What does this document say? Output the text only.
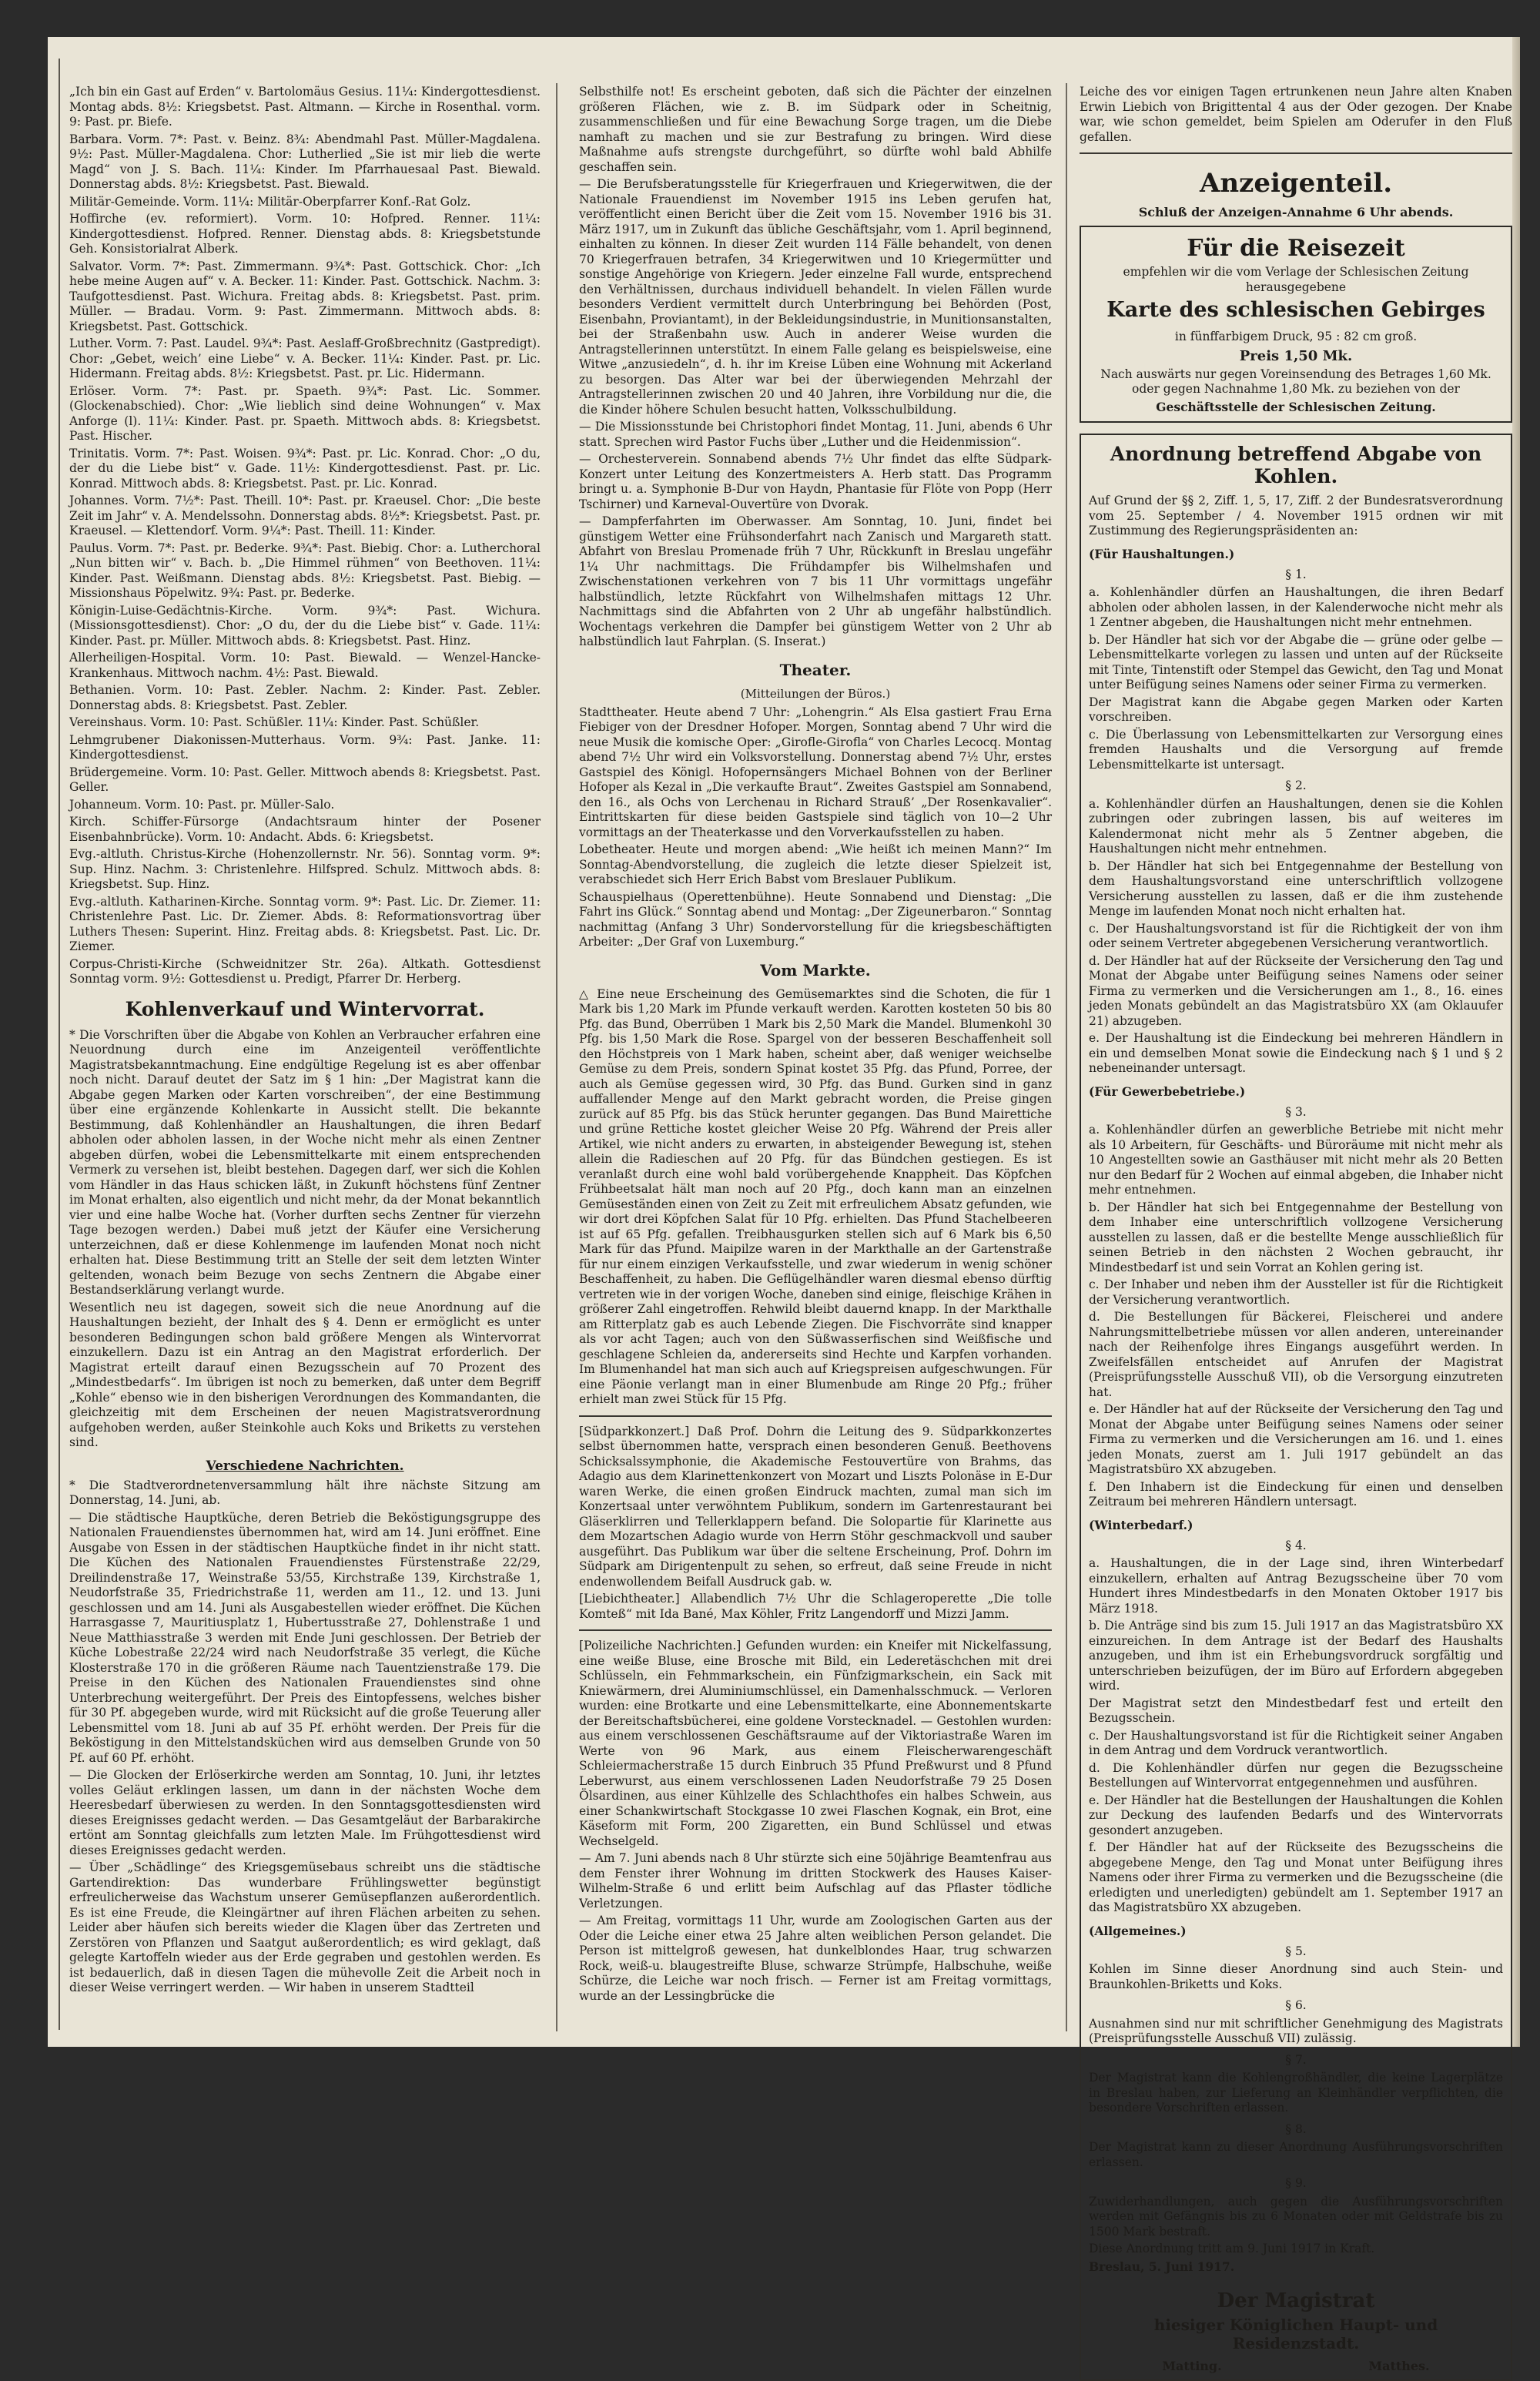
„Ich bin ein Gast auf Erden“ v. Bartolomäus Gesius. 11¼: Kindergottesdienst. Montag abds. 8½: Kriegsbetst. Past. Altmann. — Kirche in Rosenthal. vorm. 9: Past. pr. Biefe.

Barbara. Vorm. 7*: Past. v. Beinz. 8¾: Abendmahl Past. Müller-Magdalena. 9½: Past. Müller-Magdalena. Chor: Lutherlied „Sie ist mir lieb die werte Magd“ von J. S. Bach. 11¼: Kinder. Im Pfarrhauesaal Past. Biewald. Donnerstag abds. 8½: Kriegsbetst. Past. Biewald.

Militär-Gemeinde. Vorm. 11¼: Militär-Oberpfarrer Konf.-Rat Golz.

Hoffirche (ev. reformiert). Vorm. 10: Hofpred. Renner. 11¼: Kindergottesdienst. Hofpred. Renner. Dienstag abds. 8: Kriegsbetstunde Geh. Konsistorialrat Alberk.

Salvator. Vorm. 7*: Past. Zimmermann. 9¾*: Past. Gottschick. Chor: „Ich hebe meine Augen auf“ v. A. Becker. 11: Kinder. Past. Gottschick. Nachm. 3: Taufgottesdienst. Past. Wichura. Freitag abds. 8: Kriegsbetst. Past. prim. Müller. — Bradau. Vorm. 9: Past. Zimmermann. Mittwoch abds. 8: Kriegsbetst. Past. Gottschick.

Luther. Vorm. 7: Past. Laudel. 9¾*: Past. Aeslaff-Großbrechnitz (Gastpredigt). Chor: „Gebet, weich’ eine Liebe“ v. A. Becker. 11¼: Kinder. Past. pr. Lic. Hidermann. Freitag abds. 8½: Kriegsbetst. Past. pr. Lic. Hidermann.

Erlöser. Vorm. 7*: Past. pr. Spaeth. 9¾*: Past. Lic. Sommer. (Glockenabschied). Chor: „Wie lieblich sind deine Wohnungen“ v. Max Anforge (l). 11¼: Kinder. Past. pr. Spaeth. Mittwoch abds. 8: Kriegsbetst. Past. Hischer.

Trinitatis. Vorm. 7*: Past. Woisen. 9¾*: Past. pr. Lic. Konrad. Chor: „O du, der du die Liebe bist“ v. Gade. 11½: Kindergottesdienst. Past. pr. Lic. Konrad. Mittwoch abds. 8: Kriegsbetst. Past. pr. Lic. Konrad.

Johannes. Vorm. 7½*: Past. Theill. 10*: Past. pr. Kraeusel. Chor: „Die beste Zeit im Jahr“ v. A. Mendelssohn. Donnerstag abds. 8½*: Kriegsbetst. Past. pr. Kraeusel. — Klettendorf. Vorm. 9¼*: Past. Theill. 11: Kinder.

Paulus. Vorm. 7*: Past. pr. Bederke. 9¾*: Past. Biebig. Chor: a. Lutherchoral „Nun bitten wir“ v. Bach. b. „Die Himmel rühmen“ von Beethoven. 11¼: Kinder. Past. Weißmann. Dienstag abds. 8½: Kriegsbetst. Past. Biebig. — Missionshaus Pöpelwitz. 9¾: Past. pr. Bederke.

Königin-Luise-Gedächtnis-Kirche. Vorm. 9¾*: Past. Wichura. (Missionsgottesdienst). Chor: „O du, der du die Liebe bist“ v. Gade. 11¼: Kinder. Past. pr. Müller. Mittwoch abds. 8: Kriegsbetst. Past. Hinz.

Allerheiligen-Hospital. Vorm. 10: Past. Biewald. — Wenzel-Hancke-Krankenhaus. Mittwoch nachm. 4½: Past. Biewald.

Bethanien. Vorm. 10: Past. Zebler. Nachm. 2: Kinder. Past. Zebler. Donnerstag abds. 8: Kriegsbetst. Past. Zebler.

Vereinshaus. Vorm. 10: Past. Schüßler. 11¼: Kinder. Past. Schüßler.

Lehmgrubener Diakonissen-Mutterhaus. Vorm. 9¾: Past. Janke. 11: Kindergottesdienst.

Brüdergemeine. Vorm. 10: Past. Geller. Mittwoch abends 8: Kriegsbetst. Past. Geller.

Johanneum. Vorm. 10: Past. pr. Müller-Salo.

Kirch. Schiffer-Fürsorge (Andachtsraum hinter der Posener Eisenbahnbrücke). Vorm. 10: Andacht. Abds. 6: Kriegsbetst.

Evg.-altluth. Christus-Kirche (Hohenzollernstr. Nr. 56). Sonntag vorm. 9*: Sup. Hinz. Nachm. 3: Christenlehre. Hilfspred. Schulz. Mittwoch abds. 8: Kriegsbetst. Sup. Hinz.

Evg.-altluth. Katharinen-Kirche. Sonntag vorm. 9*: Past. Lic. Dr. Ziemer. 11: Christenlehre Past. Lic. Dr. Ziemer. Abds. 8: Reformationsvortrag über Luthers Thesen: Superint. Hinz. Freitag abds. 8: Kriegsbetst. Past. Lic. Dr. Ziemer.

Corpus-Christi-Kirche (Schweidnitzer Str. 26a). Altkath. Gottesdienst Sonntag vorm. 9½: Gottesdienst u. Predigt, Pfarrer Dr. Herberg.

Kohlenverkauf und Wintervorrat.

* Die Vorschriften über die Abgabe von Kohlen an Verbraucher erfahren eine Neuordnung durch eine im Anzeigenteil veröffentlichte Magistratsbekanntmachung. Eine endgültige Regelung ist es aber offenbar noch nicht. Darauf deutet der Satz im § 1 hin: „Der Magistrat kann die Abgabe gegen Marken oder Karten vorschreiben“, der eine Bestimmung über eine ergänzende Kohlenkarte in Aussicht stellt. Die bekannte Bestimmung, daß Kohlenhändler an Haushaltungen, die ihren Bedarf abholen oder abholen lassen, in der Woche nicht mehr als einen Zentner abgeben dürfen, wobei die Lebensmittelkarte mit einem entsprechenden Vermerk zu versehen ist, bleibt bestehen. Dagegen darf, wer sich die Kohlen vom Händler in das Haus schicken läßt, in Zukunft höchstens fünf Zentner im Monat erhalten, also eigentlich und nicht mehr, da der Monat bekanntlich vier und eine halbe Woche hat. (Vorher durften sechs Zentner für vierzehn Tage bezogen werden.) Dabei muß jetzt der Käufer eine Versicherung unterzeichnen, daß er diese Kohlenmenge im laufenden Monat noch nicht erhalten hat. Diese Bestimmung tritt an Stelle der seit dem letzten Winter geltenden, wonach beim Bezuge von sechs Zentnern die Abgabe einer Bestandserklärung verlangt wurde.

Wesentlich neu ist dagegen, soweit sich die neue Anordnung auf die Haushaltungen bezieht, der Inhalt des § 4. Denn er ermöglicht es unter besonderen Bedingungen schon bald größere Mengen als Wintervorrat einzukellern. Dazu ist ein Antrag an den Magistrat erforderlich. Der Magistrat erteilt darauf einen Bezugsschein auf 70 Prozent des „Mindestbedarfs“. Im übrigen ist noch zu bemerken, daß unter dem Begriff „Kohle“ ebenso wie in den bisherigen Verordnungen des Kommandanten, die gleichzeitig mit dem Erscheinen der neuen Magistratsverordnung aufgehoben werden, außer Steinkohle auch Koks und Briketts zu verstehen sind.

Verschiedene Nachrichten.

* Die Stadtverordnetenversammlung hält ihre nächste Sitzung am Donnerstag, 14. Juni, ab.

— Die städtische Hauptküche, deren Betrieb die Beköstigungsgruppe des Nationalen Frauendienstes übernommen hat, wird am 14. Juni eröffnet. Eine Ausgabe von Essen in der städtischen Hauptküche findet in ihr nicht statt. Die Küchen des Nationalen Frauendienstes Fürstenstraße 22/29, Dreilindenstraße 17, Weinstraße 53/55, Kirchstraße 139, Kirchstraße 1, Neudorfstraße 35, Friedrichstraße 11, werden am 11., 12. und 13. Juni geschlossen und am 14. Juni als Ausgabestellen wieder eröffnet. Die Küchen Harrasgasse 7, Mauritiusplatz 1, Hubertusstraße 27, Dohlenstraße 1 und Neue Matthiasstraße 3 werden mit Ende Juni geschlossen. Der Betrieb der Küche Lobestraße 22/24 wird nach Neudorfstraße 35 verlegt, die Küche Klosterstraße 170 in die größeren Räume nach Tauentzienstraße 179. Die Preise in den Küchen des Nationalen Frauendienstes sind ohne Unterbrechung weitergeführt. Der Preis des Eintopfessens, welches bisher für 30 Pf. abgegeben wurde, wird mit Rücksicht auf die große Teuerung aller Lebensmittel vom 18. Juni ab auf 35 Pf. erhöht werden. Der Preis für die Beköstigung in den Mittelstandsküchen wird aus demselben Grunde von 50 Pf. auf 60 Pf. erhöht.

— Die Glocken der Erlöserkirche werden am Sonntag, 10. Juni, ihr letztes volles Geläut erklingen lassen, um dann in der nächsten Woche dem Heeresbedarf überwiesen zu werden. In den Sonntagsgottesdiensten wird dieses Ereignisses gedacht werden. — Das Gesamtgeläut der Barbarakirche ertönt am Sonntag gleichfalls zum letzten Male. Im Frühgottesdienst wird dieses Ereignisses gedacht werden.

— Über „Schädlinge“ des Kriegsgemüsebaus schreibt uns die städtische Gartendirektion: Das wunderbare Frühlingswetter begünstigt erfreulicherweise das Wachstum unserer Gemüsepflanzen außerordentlich. Es ist eine Freude, die Kleingärtner auf ihren Flächen arbeiten zu sehen. Leider aber häufen sich bereits wieder die Klagen über das Zertreten und Zerstören von Pflanzen und Saatgut außerordentlich; es wird geklagt, daß gelegte Kartoffeln wieder aus der Erde gegraben und gestohlen werden. Es ist bedauerlich, daß in diesen Tagen die mühevolle Zeit die Arbeit noch in dieser Weise verringert werden. — Wir haben in unserem Stadtteil

Selbsthilfe not! Es erscheint geboten, daß sich die Pächter der einzelnen größeren Flächen, wie z. B. im Südpark oder in Scheitnig, zusammenschließen und für eine Bewachung Sorge tragen, um die Diebe namhaft zu machen und sie zur Bestrafung zu bringen. Wird diese Maßnahme aufs strengste durchgeführt, so dürfte wohl bald Abhilfe geschaffen sein.

— Die Berufsberatungsstelle für Kriegerfrauen und Kriegerwitwen, die der Nationale Frauendienst im November 1915 ins Leben gerufen hat, veröffentlicht einen Bericht über die Zeit vom 15. November 1916 bis 31. März 1917, um in Zukunft das übliche Geschäftsjahr, vom 1. April beginnend, einhalten zu können. In dieser Zeit wurden 114 Fälle behandelt, von denen 70 Kriegerfrauen betrafen, 34 Kriegerwitwen und 10 Kriegermütter und sonstige Angehörige von Kriegern. Jeder einzelne Fall wurde, entsprechend den Verhältnissen, durchaus individuell behandelt. In vielen Fällen wurde besonders Verdient vermittelt durch Unterbringung bei Behörden (Post, Eisenbahn, Proviantamt), in der Bekleidungsindustrie, in Munitionsanstalten, bei der Straßenbahn usw. Auch in anderer Weise wurden die Antragstellerinnen unterstützt. In einem Falle gelang es beispielsweise, eine Witwe „anzusiedeln“, d. h. ihr im Kreise Lüben eine Wohnung mit Ackerland zu besorgen. Das Alter war bei der überwiegenden Mehrzahl der Antragstellerinnen zwischen 20 und 40 Jahren, ihre Vorbildung nur die, die die Kinder höhere Schulen besucht hatten, Volksschulbildung.

— Die Missionsstunde bei Christophori findet Montag, 11. Juni, abends 6 Uhr statt. Sprechen wird Pastor Fuchs über „Luther und die Heidenmission“.

— Orchesterverein. Sonnabend abends 7½ Uhr findet das elfte Südpark-Konzert unter Leitung des Konzertmeisters A. Herb statt. Das Programm bringt u. a. Symphonie B-Dur von Haydn, Phantasie für Flöte von Popp (Herr Tschirner) und Karneval-Ouvertüre von Dvorak.

— Dampferfahrten im Oberwasser. Am Sonntag, 10. Juni, findet bei günstigem Wetter eine Frühsonderfahrt nach Zanisch und Margareth statt. Abfahrt von Breslau Promenade früh 7 Uhr, Rückkunft in Breslau ungefähr 1¼ Uhr nachmittags. Die Frühdampfer bis Wilhelmshafen und Zwischenstationen verkehren von 7 bis 11 Uhr vormittags ungefähr halbstündlich, letzte Rückfahrt von Wilhelmshafen mittags 12 Uhr. Nachmittags sind die Abfahrten von 2 Uhr ab ungefähr halbstündlich. Wochentags verkehren die Dampfer bei günstigem Wetter von 2 Uhr ab halbstündlich laut Fahrplan. (S. Inserat.)

Theater.
(Mitteilungen der Büros.)

Stadttheater. Heute abend 7 Uhr: „Lohengrin.“ Als Elsa gastiert Frau Erna Fiebiger von der Dresdner Hofoper. Morgen, Sonntag abend 7 Uhr wird die neue Musik die komische Oper: „Girofle-Girofla“ von Charles Lecocq. Montag abend 7½ Uhr wird ein Volksvorstellung. Donnerstag abend 7½ Uhr, erstes Gastspiel des Königl. Hofopernsängers Michael Bohnen von der Berliner Hofoper als Kezal in „Die verkaufte Braut“. Zweites Gastspiel am Sonnabend, den 16., als Ochs von Lerchenau in Richard Strauß’ „Der Rosenkavalier“. Eintrittskarten für diese beiden Gastspiele sind täglich von 10—2 Uhr vormittags an der Theaterkasse und den Vorverkaufsstellen zu haben.

Lobetheater. Heute und morgen abend: „Wie heißt ich meinen Mann?“ Im Sonntag-Abendvorstellung, die zugleich die letzte dieser Spielzeit ist, verabschiedet sich Herr Erich Babst vom Breslauer Publikum.

Schauspielhaus (Operettenbühne). Heute Sonnabend und Dienstag: „Die Fahrt ins Glück.“ Sonntag abend und Montag: „Der Zigeunerbaron.“ Sonntag nachmittag (Anfang 3 Uhr) Sondervorstellung für die kriegsbeschäftigten Arbeiter: „Der Graf von Luxemburg.“

Vom Markte.

△ Eine neue Erscheinung des Gemüsemarktes sind die Schoten, die für 1 Mark bis 1,20 Mark im Pfunde verkauft werden. Karotten kosteten 50 bis 80 Pfg. das Bund, Oberrüben 1 Mark bis 2,50 Mark die Mandel. Blumenkohl 30 Pfg. bis 1,50 Mark die Rose. Spargel von der besseren Beschaffenheit soll den Höchstpreis von 1 Mark haben, scheint aber, daß weniger weichselbe Gemüse zu dem Preis, sondern Spinat kostet 35 Pfg. das Pfund, Porree, der auch als Gemüse gegessen wird, 30 Pfg. das Bund. Gurken sind in ganz auffallender Menge auf den Markt gebracht worden, die Preise gingen zurück auf 85 Pfg. bis das Stück herunter gegangen. Das Bund Mairettiche und grüne Rettiche kostet gleicher Weise 20 Pfg. Während der Preis aller Artikel, wie nicht anders zu erwarten, in absteigender Bewegung ist, stehen allein die Radieschen auf 20 Pfg. für das Bündchen gestiegen. Es ist veranlaßt durch eine wohl bald vorübergehende Knappheit. Das Köpfchen Frühbeetsalat hält man noch auf 20 Pfg., doch kann man an einzelnen Gemüseständen einen von Zeit zu Zeit mit erfreulichem Absatz gefunden, wie wir dort drei Köpfchen Salat für 10 Pfg. erhielten. Das Pfund Stachelbeeren ist auf 65 Pfg. gefallen. Treibhausgurken stellen sich auf 6 Mark bis 6,50 Mark für das Pfund. Maipilze waren in der Markthalle an der Gartenstraße für nur einem einzigen Verkaufsstelle, und zwar wiederum in wenig schöner Beschaffenheit, zu haben. Die Geflügelhändler waren diesmal ebenso dürftig vertreten wie in der vorigen Woche, daneben sind einige, fleischige Krähen in größerer Zahl eingetroffen. Rehwild bleibt dauernd knapp. In der Markthalle am Ritterplatz gab es auch Lebende Ziegen. Die Fischvorräte sind knapper als vor acht Tagen; auch von den Süßwasserfischen sind Weißfische und geschlagene Schleien da, andererseits sind Hechte und Karpfen vorhanden. Im Blumenhandel hat man sich auch auf Kriegspreisen aufgeschwungen. Für eine Päonie verlangt man in einer Blumenbude am Ringe 20 Pfg.; früher erhielt man zwei Stück für 15 Pfg.

[Südparkkonzert.] Daß Prof. Dohrn die Leitung des 9. Südparkkonzertes selbst übernommen hatte, versprach einen besonderen Genuß. Beethovens Schicksalssymphonie, die Akademische Festouvertüre von Brahms, das Adagio aus dem Klarinettenkonzert von Mozart und Liszts Polonäse in E-Dur waren Werke, die einen großen Eindruck machten, zumal man sich im Konzertsaal unter verwöhntem Publikum, sondern im Gartenrestaurant bei Gläserklirren und Tellerklappern befand. Die Solopartie für Klarinette aus dem Mozartschen Adagio wurde von Herrn Stöhr geschmackvoll und sauber ausgeführt. Das Publikum war über die seltene Erscheinung, Prof. Dohrn im Südpark am Dirigentenpult zu sehen, so erfreut, daß seine Freude in nicht endenwollendem Beifall Ausdruck gab. w.

[Liebichtheater.] Allabendlich 7½ Uhr die Schlageroperette „Die tolle Komteß“ mit Ida Bané, Max Köhler, Fritz Langendorff und Mizzi Jamm.

[Polizeiliche Nachrichten.] Gefunden wurden: ein Kneifer mit Nickelfassung, eine weiße Bluse, eine Brosche mit Bild, ein Lederetäschchen mit drei Schlüsseln, ein Fehmmarkschein, ein Fünfzigmarkschein, ein Sack mit Kniewärmern, drei Aluminiumschlüssel, ein Damenhalsschmuck. — Verloren wurden: eine Brotkarte und eine Lebensmittelkarte, eine Abonnementskarte der Bereitschaftsbücherei, eine goldene Vorstecknadel. — Gestohlen wurden: aus einem verschlossenen Geschäftsraume auf der Viktoriastraße Waren im Werte von 96 Mark, aus einem Fleischerwarengeschäft Schleiermacherstraße 15 durch Einbruch 35 Pfund Preßwurst und 8 Pfund Leberwurst, aus einem verschlossenen Laden Neudorfstraße 79 25 Dosen Ölsardinen, aus einer Kühlzelle des Schlachthofes ein halbes Schwein, aus einer Schankwirtschaft Stockgasse 10 zwei Flaschen Kognak, ein Brot, eine Käseform mit Form, 200 Zigaretten, ein Bund Schlüssel und etwas Wechselgeld.

— Am 7. Juni abends nach 8 Uhr stürzte sich eine 50jährige Beamtenfrau aus dem Fenster ihrer Wohnung im dritten Stockwerk des Hauses Kaiser-Wilhelm-Straße 6 und erlitt beim Aufschlag auf das Pflaster tödliche Verletzungen.

— Am Freitag, vormittags 11 Uhr, wurde am Zoologischen Garten aus der Oder die Leiche einer etwa 25 Jahre alten weiblichen Person gelandet. Die Person ist mittelgroß gewesen, hat dunkelblondes Haar, trug schwarzen Rock, weiß-u. blaugestreifte Bluse, schwarze Strümpfe, Halbschuhe, weiße Schürze, die Leiche war noch frisch. — Ferner ist am Freitag vormittags, wurde an der Lessingbrücke die

Leiche des vor einigen Tagen ertrunkenen neun Jahre alten Knaben Erwin Liebich von Brigittental 4 aus der Oder gezogen. Der Knabe war, wie schon gemeldet, beim Spielen am Oderufer in den Fluß gefallen.

Anzeigenteil.
Schluß der Anzeigen-Annahme 6 Uhr abends.
Für die Reisezeit

empfehlen wir die vom Verlage der Schlesischen Zeitung herausgegebene

Karte des schlesischen Gebirges

in fünffarbigem Druck, 95 : 82 cm groß.

Preis 1,50 Mk.

Nach auswärts nur gegen Voreinsendung des Betrages 1,60 Mk. oder gegen Nachnahme 1,80 Mk. zu beziehen von der

Geschäftsstelle der Schlesischen Zeitung.

Anordnung betreffend Abgabe von Kohlen.

Auf Grund der §§ 2, Ziff. 1, 5, 17, Ziff. 2 der Bundesratsverordnung vom 25. September / 4. November 1915 ordnen wir mit Zustimmung des Regierungspräsidenten an:

(Für Haushaltungen.)

§ 1.

a. Kohlenhändler dürfen an Haushaltungen, die ihren Bedarf abholen oder abholen lassen, in der Kalenderwoche nicht mehr als 1 Zentner abgeben, die Haushaltungen nicht mehr entnehmen.

b. Der Händler hat sich vor der Abgabe die — grüne oder gelbe — Lebensmittelkarte vorlegen zu lassen und unten auf der Rückseite mit Tinte, Tintenstift oder Stempel das Gewicht, den Tag und Monat unter Beifügung seines Namens oder seiner Firma zu vermerken.

Der Magistrat kann die Abgabe gegen Marken oder Karten vorschreiben.

c. Die Überlassung von Lebensmittelkarten zur Versorgung eines fremden Haushalts und die Versorgung auf fremde Lebensmittelkarte ist untersagt.

§ 2.

a. Kohlenhändler dürfen an Haushaltungen, denen sie die Kohlen zubringen oder zubringen lassen, bis auf weiteres im Kalendermonat nicht mehr als 5 Zentner abgeben, die Haushaltungen nicht mehr entnehmen.

b. Der Händler hat sich bei Entgegennahme der Bestellung von dem Haushaltungsvorstand eine unterschriftlich vollzogene Versicherung ausstellen zu lassen, daß er die ihm zustehende Menge im laufenden Monat noch nicht erhalten hat.

c. Der Haushaltungsvorstand ist für die Richtigkeit der von ihm oder seinem Vertreter abgegebenen Versicherung verantwortlich.

d. Der Händler hat auf der Rückseite der Versicherung den Tag und Monat der Abgabe unter Beifügung seines Namens oder seiner Firma zu vermerken und die Versicherungen am 1., 8., 16. eines jeden Monats gebündelt an das Magistratsbüro XX (am Oklauufer 21) abzugeben.

e. Der Haushaltung ist die Eindeckung bei mehreren Händlern in ein und demselben Monat sowie die Eindeckung nach § 1 und § 2 nebeneinander untersagt.

(Für Gewerbebetriebe.)

§ 3.

a. Kohlenhändler dürfen an gewerbliche Betriebe mit nicht mehr als 10 Arbeitern, für Geschäfts- und Büroräume mit nicht mehr als 10 Angestellten sowie an Gasthäuser mit nicht mehr als 20 Betten nur den Bedarf für 2 Wochen auf einmal abgeben, die Inhaber nicht mehr entnehmen.

b. Der Händler hat sich bei Entgegennahme der Bestellung von dem Inhaber eine unterschriftlich vollzogene Versicherung ausstellen zu lassen, daß er die bestellte Menge ausschließlich für seinen Betrieb in den nächsten 2 Wochen gebraucht, ihr Mindestbedarf ist und sein Vorrat an Kohlen gering ist.

c. Der Inhaber und neben ihm der Aussteller ist für die Richtigkeit der Versicherung verantwortlich.

d. Die Bestellungen für Bäckerei, Fleischerei und andere Nahrungsmittelbetriebe müssen vor allen anderen, untereinander nach der Reihenfolge ihres Eingangs ausgeführt werden. In Zweifelsfällen entscheidet auf Anrufen der Magistrat (Preisprüfungsstelle Ausschuß VII), ob die Versorgung einzutreten hat.

e. Der Händler hat auf der Rückseite der Versicherung den Tag und Monat der Abgabe unter Beifügung seines Namens oder seiner Firma zu vermerken und die Versicherungen am 16. und 1. eines jeden Monats, zuerst am 1. Juli 1917 gebündelt an das Magistratsbüro XX abzugeben.

f. Den Inhabern ist die Eindeckung für einen und denselben Zeitraum bei mehreren Händlern untersagt.

(Winterbedarf.)

§ 4.

a. Haushaltungen, die in der Lage sind, ihren Winterbedarf einzukellern, erhalten auf Antrag Bezugsscheine über 70 vom Hundert ihres Mindestbedarfs in den Monaten Oktober 1917 bis März 1918.

b. Die Anträge sind bis zum 15. Juli 1917 an das Magistratsbüro XX einzureichen. In dem Antrage ist der Bedarf des Haushalts anzugeben, und ihm ist ein Erhebungsvordruck sorgfältig und unterschrieben beizufügen, der im Büro auf Erfordern abgegeben wird.

Der Magistrat setzt den Mindestbedarf fest und erteilt den Bezugsschein.

c. Der Haushaltungsvorstand ist für die Richtigkeit seiner Angaben in dem Antrag und dem Vordruck verantwortlich.

d. Die Kohlenhändler dürfen nur gegen die Bezugsscheine Bestellungen auf Wintervorrat entgegennehmen und ausführen.

e. Der Händler hat die Bestellungen der Haushaltungen die Kohlen zur Deckung des laufenden Bedarfs und des Wintervorrats gesondert anzugeben.

f. Der Händler hat auf der Rückseite des Bezugsscheins die abgegebene Menge, den Tag und Monat unter Beifügung ihres Namens oder ihrer Firma zu vermerken und die Bezugsscheine (die erledigten und unerledigten) gebündelt am 1. September 1917 an das Magistratsbüro XX abzugeben.

(Allgemeines.)

§ 5.

Kohlen im Sinne dieser Anordnung sind auch Stein- und Braunkohlen-Briketts und Koks.

§ 6.

Ausnahmen sind nur mit schriftlicher Genehmigung des Magistrats (Preisprüfungsstelle Ausschuß VII) zulässig.

§ 7.

Der Magistrat kann die Kohlengroßhändler, die keine Lagerplätze in Breslau haben, zur Lieferung an Kleinhändler verpflichten, die besondere Vorschriften erlassen.

§ 8.

Der Magistrat kann zu dieser Anordnung Ausführungsvorschriften erlassen.

§ 9.

Zuwiderhandlungen, auch gegen die Ausführungsvorschriften werden mit Gefängnis bis zu 6 Monaten oder mit Geldstrafe bis zu 1500 Mark bestraft.

Diese Anordnung tritt am 9. Juni 1917 in Kraft.

Breslau, 5. Juni 1917.

Der Magistrat
hiesiger Königlichen Haupt- und Residenzstadt.
Matting.	Matthes.
